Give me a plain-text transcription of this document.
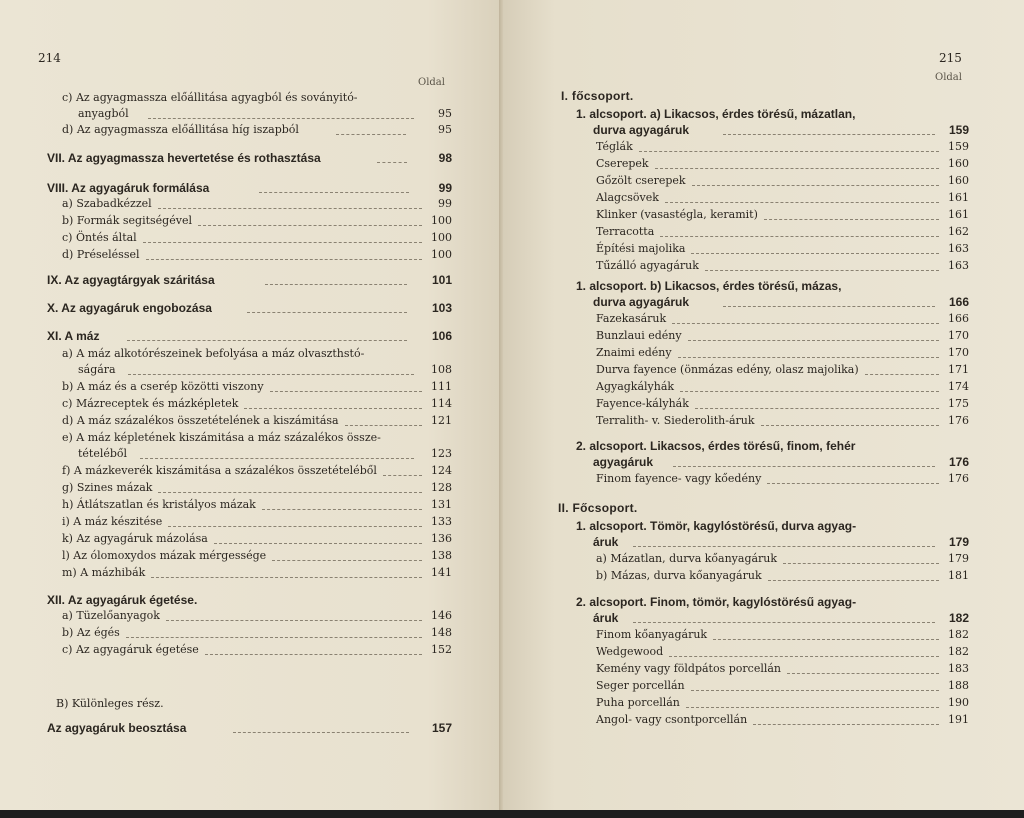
214
Oldal
c) Az agyagmassza előállitása agyagból és soványitó-
anyagból	95
d) Az agyagmassza előállitása híg iszapból	95
VII. Az agyagmassza hevertetése és rothasztása	98
VIII. Az agyagáruk formálása	99
a) Szabadkézzel	99
b) Formák segitségével	100
c) Öntés által	100
d) Préseléssel	100
IX. Az agyagtárgyak száritása	101
X. Az agyagáruk engobozása	103
XI. A máz	106
a) A máz alkotórészeinek befolyása a máz olvaszthstó-
ságára	108
b) A máz és a cserép közötti viszony	111
c) Mázreceptek és mázképletek	114
d) A máz százalékos összetételének a kiszámitása	121
e) A máz képletének kiszámitása a máz százalékos össze-
tételéből	123
f) A mázkeverék kiszámitása a százalékos összetételéből	124
g) Szines mázak	128
h) Átlátszatlan és kristályos mázak	131
i) A máz készitése	133
k) Az agyagáruk mázolása	136
l) Az ólomoxydos mázak mérgessége	138
m) A mázhibák	141
XII. Az agyagáruk égetése.
a) Tüzelőanyagok	146
b) Az égés	148
c) Az agyagáruk égetése	152
B) Különleges rész.
Az agyagáruk beosztása	157
215
Oldal
I. főcsoport.
1. alcsoport. a) Likacsos, érdes törésű, mázatlan,
durva agyagáruk	159
Téglák	159
Cserepek	160
Gőzölt cserepek	160
Alagcsövek	161
Klinker (vasastégla, keramit)	161
Terracotta	162
Építési majolika	163
Tűzálló agyagáruk	163
1. alcsoport. b) Likacsos, érdes törésű, mázas,
durva agyagáruk	166
Fazekasáruk	166
Bunzlaui edény	170
Znaimi edény	170
Durva fayence (önmázas edény, olasz majolika)	171
Agyagkályhák	174
Fayence-kályhák	175
Terralith- v. Siederolith-áruk	176
2. alcsoport. Likacsos, érdes törésű, finom, fehér
agyagáruk	176
Finom fayence- vagy kőedény	176
II. Főcsoport.
1. alcsoport. Tömör, kagylóstörésű, durva agyag-
áruk	179
a) Mázatlan, durva kőanyagáruk	179
b) Mázas, durva kőanyagáruk	181
2. alcsoport. Finom, tömör, kagylóstörésű agyag-
áruk	182
Finom kőanyagáruk	182
Wedgewood	182
Kemény vagy földpátos porcellán	183
Seger porcellán	188
Puha porcellán	190
Angol- vagy csontporcellán	191
